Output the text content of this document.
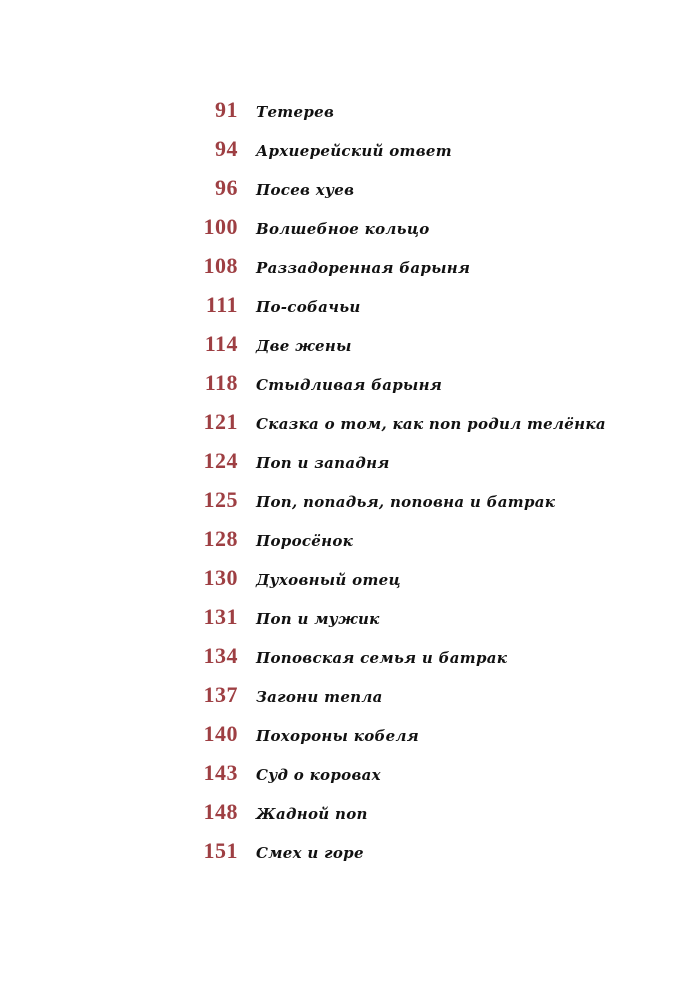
91 Тетерев
94 Архиерейский ответ
96 Посев хуев
100 Волшебное кольцо
108 Раззадоренная барыня
111 По-собачьи
114 Две жены
118 Стыдливая барыня
121 Сказка о том, как поп родил телёнка
124 Поп и западня
125 Поп, попадья, поповна и батрак
128 Поросёнок
130 Духовный отец
131 Поп и мужик
134 Поповская семья и батрак
137 Загони тепла
140 Похороны кобеля
143 Суд о коровах
148 Жадной поп
151 Смех и горе
